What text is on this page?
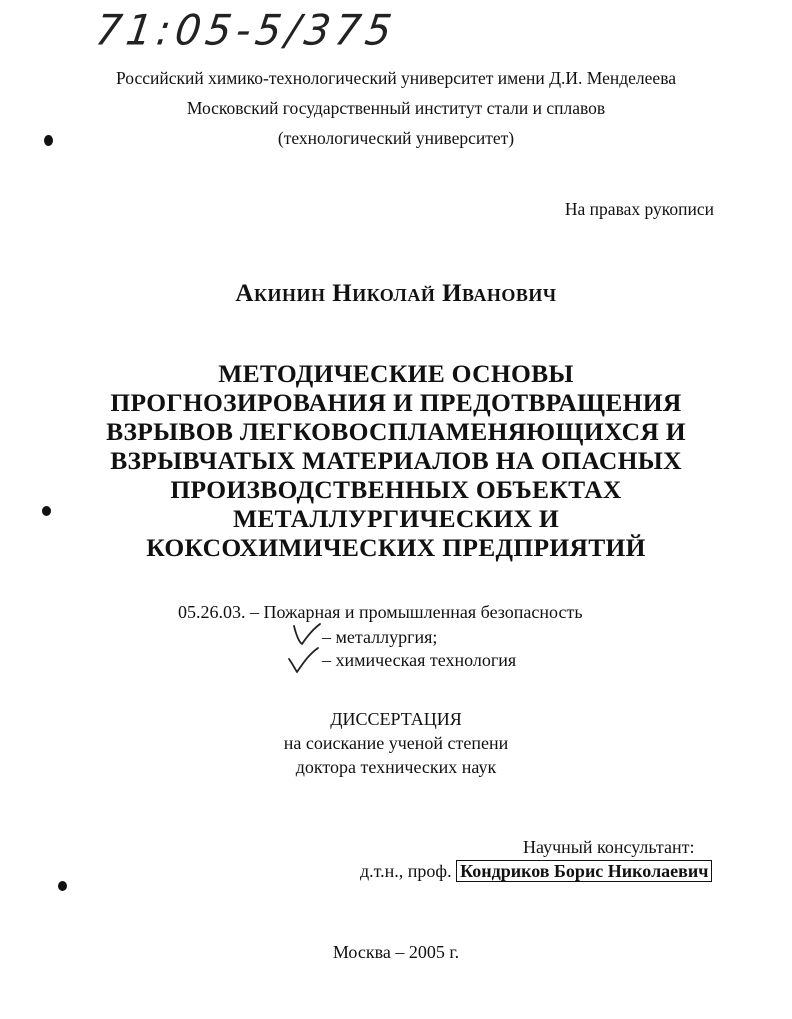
71:05-5/375
Российский химико-технологический университет имени Д.И. Менделеева
Московский государственный институт стали и сплавов
(технологический университет)
На правах рукописи
Акинин Николай Иванович
МЕТОДИЧЕСКИЕ ОСНОВЫ
ПРОГНОЗИРОВАНИЯ И ПРЕДОТВРАЩЕНИЯ
ВЗРЫВОВ ЛЕГКОВОСПЛАМЕНЯЮЩИХСЯ И
ВЗРЫВЧАТЫХ МАТЕРИАЛОВ НА ОПАСНЫХ
ПРОИЗВОДСТВЕННЫХ ОБЪЕКТАХ
МЕТАЛЛУРГИЧЕСКИХ И
КОКСОХИМИЧЕСКИХ ПРЕДПРИЯТИЙ
05.26.03. – Пожарная и промышленная безопасность
– металлургия;
– химическая технология
ДИССЕРТАЦИЯ
на соискание ученой степени
доктора технических наук
Научный консультант:
д.т.н., проф. Кондриков Борис Николаевич
Москва – 2005 г.
